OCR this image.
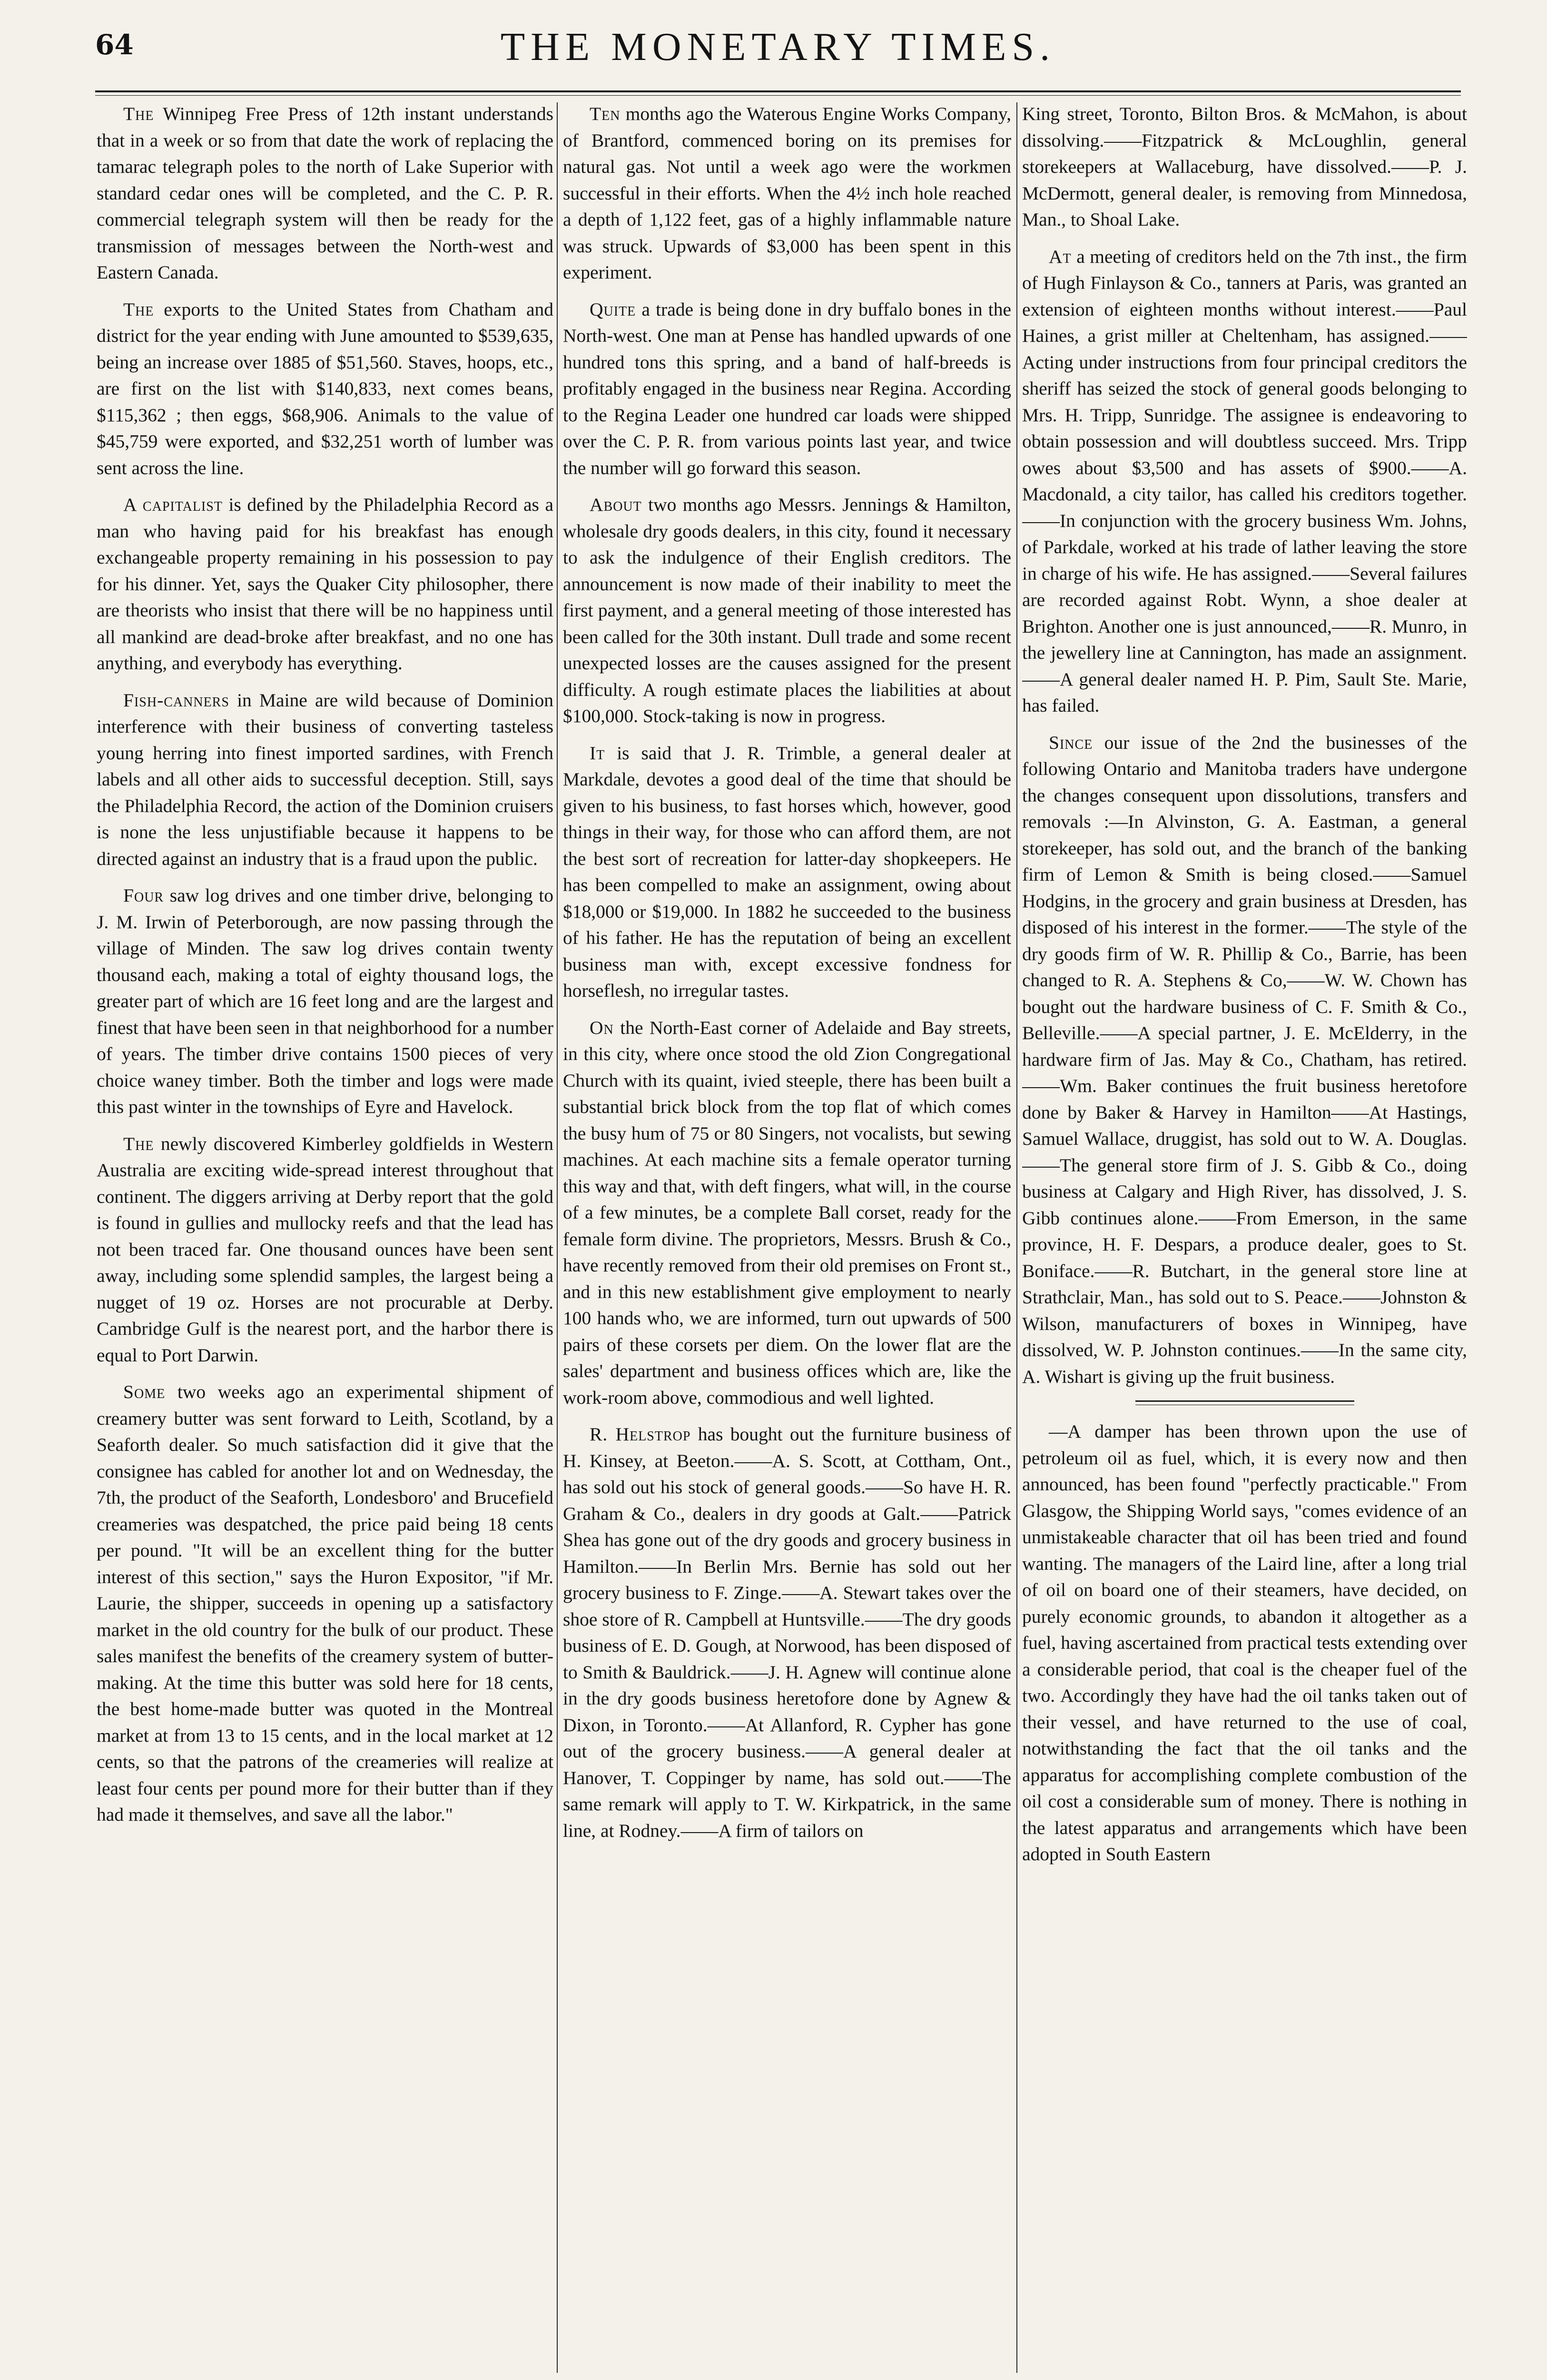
64	THE MONETARY TIMES.

The Winnipeg Free Press of 12th instant understands that in a week or so from that date the work of replacing the tamarac telegraph poles to the north of Lake Superior with standard cedar ones will be completed, and the C. P. R. commercial telegraph system will then be ready for the transmission of messages between the North-west and Eastern Canada.

The exports to the United States from Chatham and district for the year ending with June amounted to $539,635, being an increase over 1885 of $51,560. Staves, hoops, etc., are first on the list with $140,833, next comes beans, $115,362 ; then eggs, $68,906. Animals to the value of $45,759 were exported, and $32,251 worth of lumber was sent across the line.

A capitalist is defined by the Philadelphia Record as a man who having paid for his breakfast has enough exchangeable property remaining in his possession to pay for his dinner. Yet, says the Quaker City philosopher, there are theorists who insist that there will be no happiness until all mankind are dead-broke after breakfast, and no one has anything, and everybody has everything.

Fish-canners in Maine are wild because of Dominion interference with their business of converting tasteless young herring into finest imported sardines, with French labels and all other aids to successful deception. Still, says the Philadelphia Record, the action of the Dominion cruisers is none the less unjustifiable because it happens to be directed against an industry that is a fraud upon the public.

Four saw log drives and one timber drive, belonging to J. M. Irwin of Peterborough, are now passing through the village of Minden. The saw log drives contain twenty thousand each, making a total of eighty thousand logs, the greater part of which are 16 feet long and are the largest and finest that have been seen in that neighborhood for a number of years. The timber drive contains 1500 pieces of very choice waney timber. Both the timber and logs were made this past winter in the townships of Eyre and Havelock.

The newly discovered Kimberley goldfields in Western Australia are exciting wide-spread interest throughout that continent. The diggers arriving at Derby report that the gold is found in gullies and mullocky reefs and that the lead has not been traced far. One thousand ounces have been sent away, including some splendid samples, the largest being a nugget of 19 oz. Horses are not procurable at Derby. Cambridge Gulf is the nearest port, and the harbor there is equal to Port Darwin.

Some two weeks ago an experimental shipment of creamery butter was sent forward to Leith, Scotland, by a Seaforth dealer. So much satisfaction did it give that the consignee has cabled for another lot and on Wednesday, the 7th, the product of the Seaforth, Londesboro' and Brucefield creameries was despatched, the price paid being 18 cents per pound. "It will be an excellent thing for the butter interest of this section," says the Huron Expositor, "if Mr. Laurie, the shipper, succeeds in opening up a satisfactory market in the old country for the bulk of our product. These sales manifest the benefits of the creamery system of butter-making. At the time this butter was sold here for 18 cents, the best home-made butter was quoted in the Montreal market at from 13 to 15 cents, and in the local market at 12 cents, so that the patrons of the creameries will realize at least four cents per pound more for their butter than if they had made it themselves, and save all the labor."

Ten months ago the Waterous Engine Works Company, of Brantford, commenced boring on its premises for natural gas. Not until a week ago were the workmen successful in their efforts. When the 4½ inch hole reached a depth of 1,122 feet, gas of a highly inflammable nature was struck. Upwards of $3,000 has been spent in this experiment.

Quite a trade is being done in dry buffalo bones in the North-west. One man at Pense has handled upwards of one hundred tons this spring, and a band of half-breeds is profitably engaged in the business near Regina. According to the Regina Leader one hundred car loads were shipped over the C. P. R. from various points last year, and twice the number will go forward this season.

About two months ago Messrs. Jennings & Hamilton, wholesale dry goods dealers, in this city, found it necessary to ask the indulgence of their English creditors. The announcement is now made of their inability to meet the first payment, and a general meeting of those interested has been called for the 30th instant. Dull trade and some recent unexpected losses are the causes assigned for the present difficulty. A rough estimate places the liabilities at about $100,000. Stock-taking is now in progress.

It is said that J. R. Trimble, a general dealer at Markdale, devotes a good deal of the time that should be given to his business, to fast horses which, however, good things in their way, for those who can afford them, are not the best sort of recreation for latter-day shopkeepers. He has been compelled to make an assignment, owing about $18,000 or $19,000. In 1882 he succeeded to the business of his father. He has the reputation of being an excellent business man with, except excessive fondness for horseflesh, no irregular tastes.

On the North-East corner of Adelaide and Bay streets, in this city, where once stood the old Zion Congregational Church with its quaint, ivied steeple, there has been built a substantial brick block from the top flat of which comes the busy hum of 75 or 80 Singers, not vocalists, but sewing machines. At each machine sits a female operator turning this way and that, with deft fingers, what will, in the course of a few minutes, be a complete Ball corset, ready for the female form divine. The proprietors, Messrs. Brush & Co., have recently removed from their old premises on Front st., and in this new establishment give employment to nearly 100 hands who, we are informed, turn out upwards of 500 pairs of these corsets per diem. On the lower flat are the sales' department and business offices which are, like the work-room above, commodious and well lighted.

R. Helstrop has bought out the furniture business of H. Kinsey, at Beeton.——A. S. Scott, at Cottham, Ont., has sold out his stock of general goods.——So have H. R. Graham & Co., dealers in dry goods at Galt.——Patrick Shea has gone out of the dry goods and grocery business in Hamilton.——In Berlin Mrs. Bernie has sold out her grocery business to F. Zinge.——A. Stewart takes over the shoe store of R. Campbell at Huntsville.——The dry goods business of E. D. Gough, at Norwood, has been disposed of to Smith & Bauldrick.——J. H. Agnew will continue alone in the dry goods business heretofore done by Agnew & Dixon, in Toronto.——At Allanford, R. Cypher has gone out of the grocery business.——A general dealer at Hanover, T. Coppinger by name, has sold out.——The same remark will apply to T. W. Kirkpatrick, in the same line, at Rodney.——A firm of tailors on

King street, Toronto, Bilton Bros. & McMahon, is about dissolving.——Fitzpatrick & McLoughlin, general storekeepers at Wallaceburg, have dissolved.——P. J. McDermott, general dealer, is removing from Minnedosa, Man., to Shoal Lake.

At a meeting of creditors held on the 7th inst., the firm of Hugh Finlayson & Co., tanners at Paris, was granted an extension of eighteen months without interest.——Paul Haines, a grist miller at Cheltenham, has assigned.——Acting under instructions from four principal creditors the sheriff has seized the stock of general goods belonging to Mrs. H. Tripp, Sunridge. The assignee is endeavoring to obtain possession and will doubtless succeed. Mrs. Tripp owes about $3,500 and has assets of $900.——A. Macdonald, a city tailor, has called his creditors together.——In conjunction with the grocery business Wm. Johns, of Parkdale, worked at his trade of lather leaving the store in charge of his wife. He has assigned.——Several failures are recorded against Robt. Wynn, a shoe dealer at Brighton. Another one is just announced,——R. Munro, in the jewellery line at Cannington, has made an assignment.——A general dealer named H. P. Pim, Sault Ste. Marie, has failed.

Since our issue of the 2nd the businesses of the following Ontario and Manitoba traders have undergone the changes consequent upon dissolutions, transfers and removals :—In Alvinston, G. A. Eastman, a general storekeeper, has sold out, and the branch of the banking firm of Lemon & Smith is being closed.——Samuel Hodgins, in the grocery and grain business at Dresden, has disposed of his interest in the former.——The style of the dry goods firm of W. R. Phillip & Co., Barrie, has been changed to R. A. Stephens & Co,——W. W. Chown has bought out the hardware business of C. F. Smith & Co., Belleville.——A special partner, J. E. McElderry, in the hardware firm of Jas. May & Co., Chatham, has retired.——Wm. Baker continues the fruit business heretofore done by Baker & Harvey in Hamilton——At Hastings, Samuel Wallace, druggist, has sold out to W. A. Douglas.——The general store firm of J. S. Gibb & Co., doing business at Calgary and High River, has dissolved, J. S. Gibb continues alone.——From Emerson, in the same province, H. F. Despars, a produce dealer, goes to St. Boniface.——R. Butchart, in the general store line at Strathclair, Man., has sold out to S. Peace.——Johnston & Wilson, manufacturers of boxes in Winnipeg, have dissolved, W. P. Johnston continues.——In the same city, A. Wishart is giving up the fruit business.

—A damper has been thrown upon the use of petroleum oil as fuel, which, it is every now and then announced, has been found "perfectly practicable." From Glasgow, the Shipping World says, "comes evidence of an unmistakeable character that oil has been tried and found wanting. The managers of the Laird line, after a long trial of oil on board one of their steamers, have decided, on purely economic grounds, to abandon it altogether as a fuel, having ascertained from practical tests extending over a considerable period, that coal is the cheaper fuel of the two. Accordingly they have had the oil tanks taken out of their vessel, and have returned to the use of coal, notwithstanding the fact that the oil tanks and the apparatus for accomplishing complete combustion of the oil cost a considerable sum of money. There is nothing in the latest apparatus and arrangements which have been adopted in South Eastern
